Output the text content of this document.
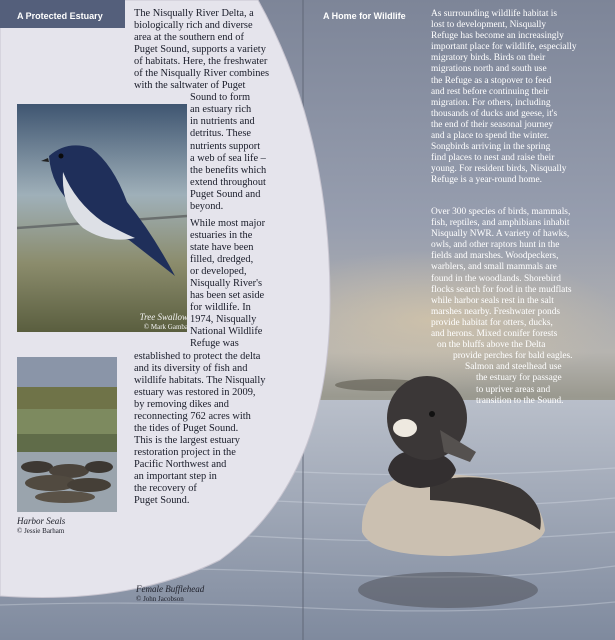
A Protected Estuary
Tree Swallow
© Mark Gamba
Harbor Seals
© Jessie Barham

The Nisqually River Delta, a

biologically rich and diverse

area at the southern end of

Puget Sound, supports a variety

of habitats. Here, the freshwater

of the Nisqually River combines

with the saltwater of Puget

Sound to form

an estuary rich

in nutrients and

detritus. These

nutrients support

a web of sea life –

the benefits which

extend throughout

Puget Sound and

beyond.

While most major

estuaries in the

state have been

filled, dredged,

or developed,

Nisqually River's

has been set aside

for wildlife. In

1974, Nisqually

National Wildlife

Refuge was

established to protect the delta

and its diversity of fish and

wildlife habitats. The Nisqually

estuary was restored in 2009,

by removing dikes and

reconnecting 762 acres with

the tides of Puget Sound.

This is the largest estuary

restoration project in the

Pacific Northwest and

an important step in

the recovery of

Puget Sound.

Female Bufflehead
© John Jacobson
A Home for Wildlife	As surrounding wildlife habitat is

lost to development, Nisqually

Refuge has become an increasingly

important place for wildlife, especially

migratory birds. Birds on their

migrations north and south use

the Refuge as a stopover to feed

and rest before continuing their

migration. For others, including

thousands of ducks and geese, it's

the end of their seasonal journey

and a place to spend the winter.

Songbirds arriving in the spring

find places to nest and raise their

young. For resident birds, Nisqually

Refuge is a year-round home.

Over 300 species of birds, mammals,

fish, reptiles, and amphibians inhabit

Nisqually NWR. A variety of hawks,

owls, and other raptors hunt in the

fields and marshes. Woodpeckers,

warblers, and small mammals are

found in the woodlands. Shorebird

flocks search for food in the mudflats

while harbor seals rest in the salt

marshes nearby. Freshwater ponds

provide habitat for otters, ducks,

and herons. Mixed conifer forests

on the bluffs above the Delta

provide perches for bald eagles.

Salmon and steelhead use

the estuary for passage

to upriver areas and

transition to the Sound.
